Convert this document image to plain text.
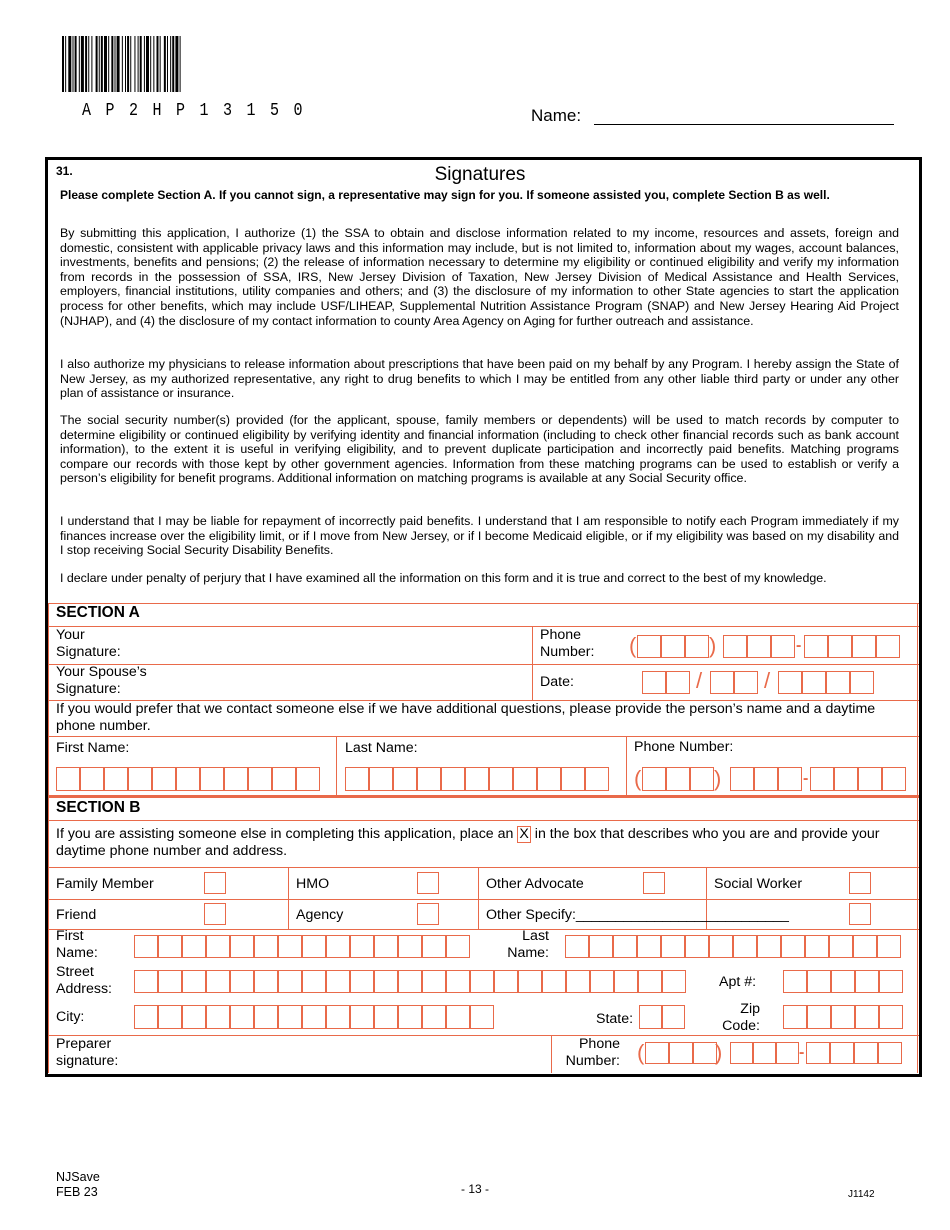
AP2HP13150	Name:
31.	Signatures
Please complete Section A. If you cannot sign, a representative may sign for you. If someone assisted you, complete Section B as well.
By submitting this application, I authorize (1) the SSA to obtain and disclose information related to my income, resources and assets, foreign and domestic, consistent with applicable privacy laws and this information may include, but is not limited to, information about my wages, account balances, investments, benefits and pensions; (2) the release of information necessary to determine my eligibility or continued eligibility and verify my information from records in the possession of SSA, IRS, New Jersey Division of Taxation, New Jersey Division of Medical Assistance and Health Services, employers, financial institutions, utility companies and others; and (3) the disclosure of my information to other State agencies to start the application process for other benefits, which may include USF/LIHEAP, Supplemental Nutrition Assistance Program (SNAP) and New Jersey Hearing Aid Project (NJHAP), and (4) the disclosure of my contact information to county Area Agency on Aging for further outreach and assistance.
I also authorize my physicians to release information about prescriptions that have been paid on my behalf by any Program. I hereby assign the State of New Jersey, as my authorized representative, any right to drug benefits to which I may be entitled from any other liable third party or under any other plan of assistance or insurance.
The social security number(s) provided (for the applicant, spouse, family members or dependents) will be used to match records by computer to determine eligibility or continued eligibility by verifying identity and financial information (including to check other financial records such as bank account information), to the extent it is useful in verifying eligibility, and to prevent duplicate participation and incorrectly paid benefits. Matching programs compare our records with those kept by other government agencies. Information from these matching programs can be used to establish or verify a person’s eligibility for benefit programs. Additional information on matching programs is available at any Social Security office.
I understand that I may be liable for repayment of incorrectly paid benefits. I understand that I am responsible to notify each Program immediately if my finances increase over the eligibility limit, or if I move from New Jersey, or if I become Medicaid eligible, or if my eligibility was based on my disability and I stop receiving Social Security Disability Benefits.
I declare under penalty of perjury that I have examined all the information on this form and it is true and correct to the best of my knowledge.
SECTION A
Your
Signature:
Phone
Number: (	)	-
Your Spouse’s
Signature:	Date:	/	/
If you would prefer that we contact someone else if we have additional questions, please provide the person’s name and a daytime phone number.
First Name:	Last Name:	Phone Number:
(	)	-
SECTION B
If you are assisting someone else in completing this application, place an X in the box that describes who you are and provide your daytime phone number and address.
Family Member	HMO	Other Advocate	Social Worker
Friend	Agency	Other Specify:___________________________
First
Name:
Last
Name:
Street
Address:	Apt #:
City:	State:
Zip
Code:
Preparer
signature:
Phone
Number: (	)	-
NJSave
FEB 23	- 13 -	J1142
